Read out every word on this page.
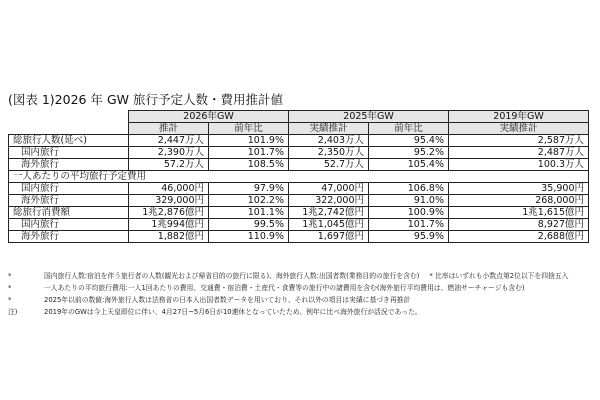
(図表 1)2026 年 GW 旅行予定人数・費用推計値
	2026年GW		2025年GW		2019年GW
	推計	前年比	実績推計	前年比	実績推計
総旅行人数(延べ)	2,447万人	101.9%	2,403万人	95.4%	2,587万人
国内旅行	2,390万人	101.7%	2,350万人	95.2%	2,487万人
海外旅行	57.2万人	108.5%	52.7万人	105.4%	100.3万人
一人あたりの平均旅行予定費用					
国内旅行	46,000円	97.9%	47,000円	106.8%	35,900円
海外旅行	329,000円	102.2%	322,000円	91.0%	268,000円
総旅行消費額	1兆2,876億円	101.1%	1兆2,742億円	100.9%	1兆1,615億円
国内旅行	1兆994億円	99.5%	1兆1,045億円	101.7%	8,927億円
海外旅行	1,882億円	110.9%	1,697億円	95.9%	2,688億円
*	国内旅行人数:宿泊を伴う旅行者の人数(観光および帰省目的の旅行に限る)、海外旅行人数:出国者数(業務目的の旅行を含む) * 比率はいずれも小数点第2位以下を四捨五入
*	一人あたりの平均旅行費用:一人1回あたりの費用、交通費・宿泊費・土産代・食費等の旅行中の諸費用を含む(海外旅行平均費用は、燃油サーチャージも含む)
*	2025年以前の数値:海外旅行人数は法務省の日本人出国者数データを用いており、それ以外の項目は実績に基づき再推計
注)	2019年のGWは今上天皇即位に伴い、4月27日~5月6日が10連休となっていたため、例年に比べ海外旅行が活況であった。
